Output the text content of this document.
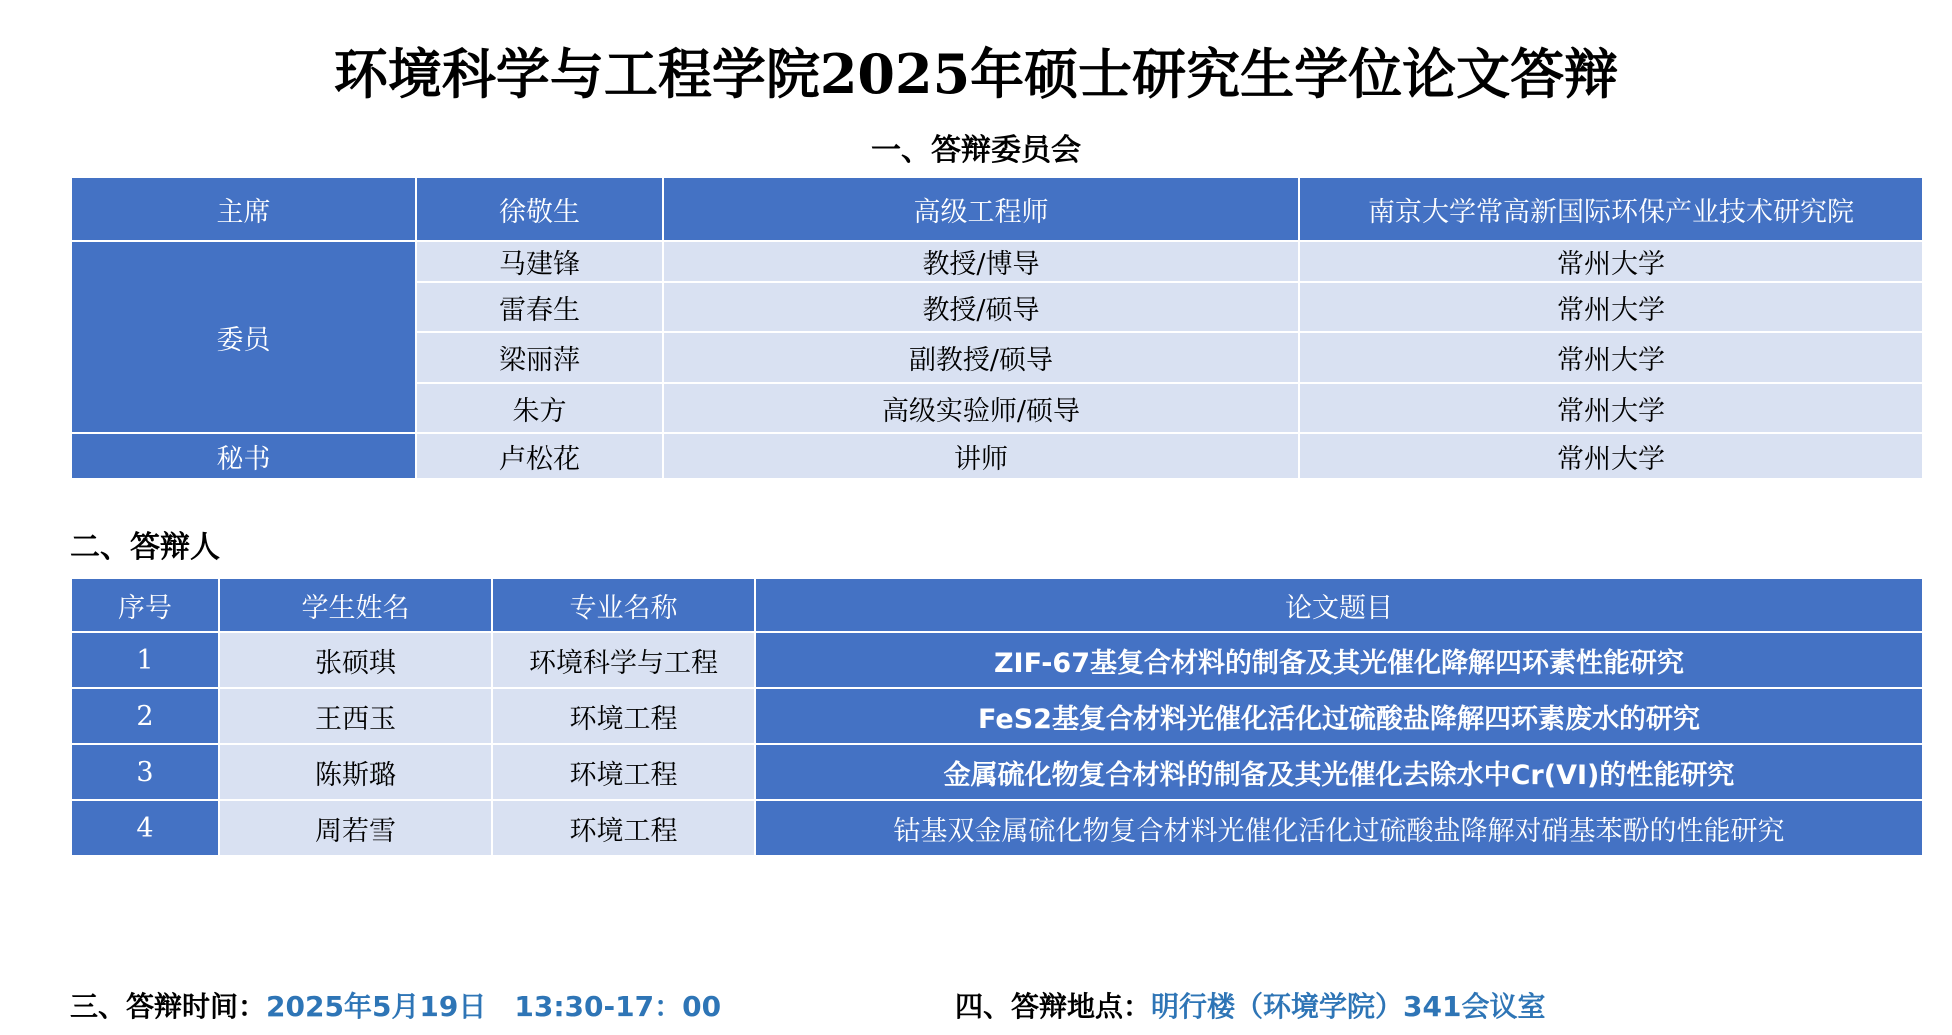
环境科学与工程学院2025年硕士研究生学位论文答辩
一、答辩委员会
主席	徐敬生	高级工程师	南京大学常高新国际环保产业技术研究院
委员	马建锋	教授/博导	常州大学
	雷春生	教授/硕导	常州大学
	梁丽萍	副教授/硕导	常州大学
	朱方	高级实验师/硕导	常州大学
秘书	卢松花	讲师	常州大学
二、答辩人
序号	学生姓名	专业名称	论文题目
1	张硕琪	环境科学与工程	ZIF-67基复合材料的制备及其光催化降解四环素性能研究
2	王西玉	环境工程	FeS2基复合材料光催化活化过硫酸盐降解四环素废水的研究
3	陈斯璐	环境工程	金属硫化物复合材料的制备及其光催化去除水中Cr(VI)的性能研究
4	周若雪	环境工程	钴基双金属硫化物复合材料光催化活化过硫酸盐降解对硝基苯酚的性能研究
三、答辩时间：2025年5月19日　13:30-17：00	四、答辩地点：明行楼（环境学院）341会议室
